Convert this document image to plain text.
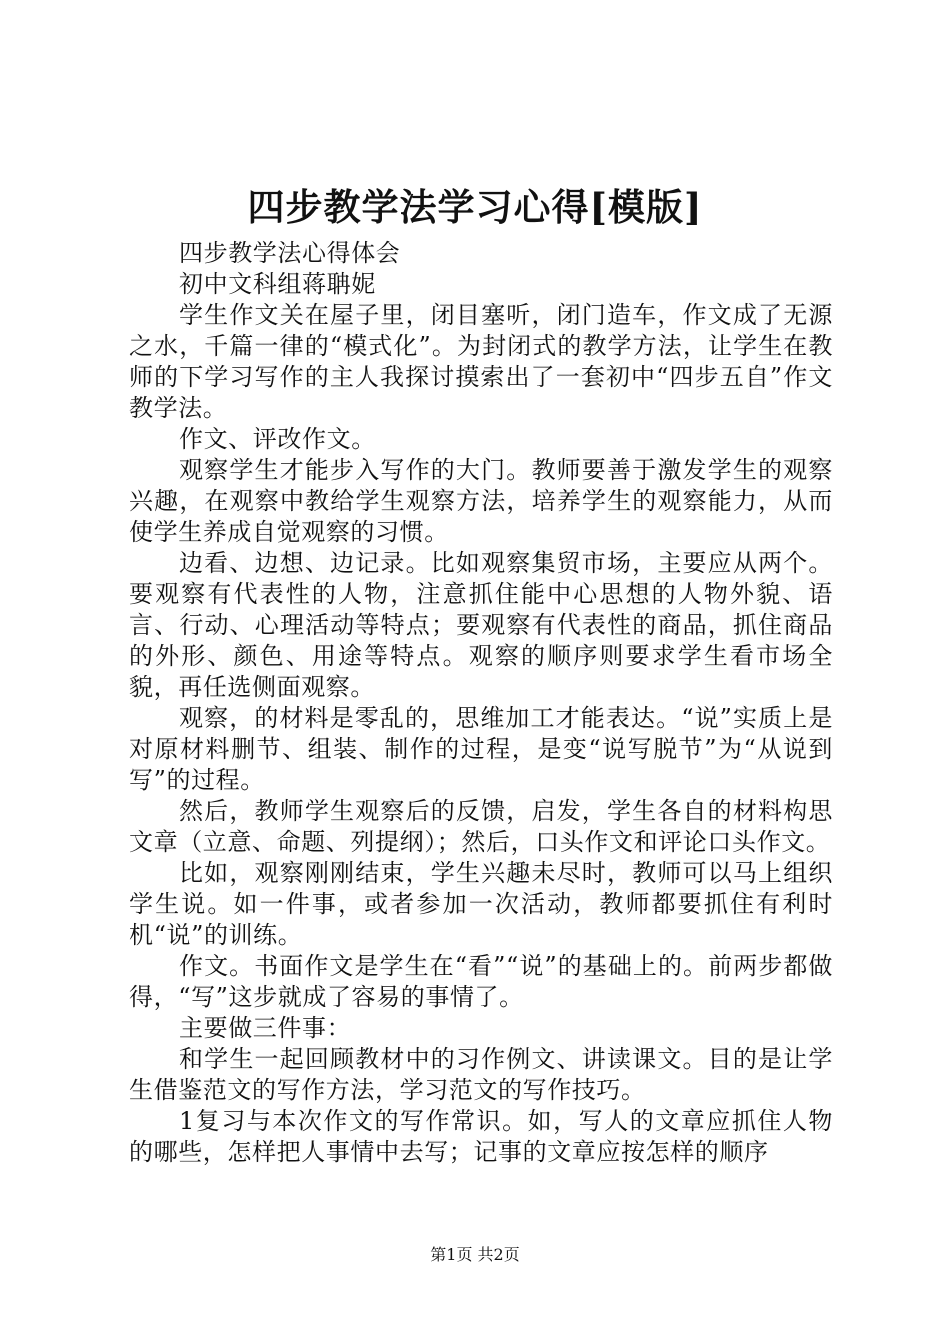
四步教学法学习心得[模版]

四步教学法心得体会

初中文科组蒋聃妮

学生作文关在屋子里，闭目塞听，闭门造车，作文成了无源之水，千篇一律的“模式化”。为封闭式的教学方法，让学生在教师的下学习写作的主人我探讨摸索出了一套初中“四步五自”作文教学法。

作文、评改作文。

观察学生才能步入写作的大门。教师要善于激发学生的观察兴趣，在观察中教给学生观察方法，培养学生的观察能力，从而使学生养成自觉观察的习惯。

边看、边想、边记录。比如观察集贸市场，主要应从两个。要观察有代表性的人物，注意抓住能中心思想的人物外貌、语言、行动、心理活动等特点；要观察有代表性的商品，抓住商品的外形、颜色、用途等特点。观察的顺序则要求学生看市场全貌，再任选侧面观察。

观察，的材料是零乱的，思维加工才能表达。“说”实质上是对原材料删节、组装、制作的过程，是变“说写脱节”为“从说到写”的过程。

然后，教师学生观察后的反馈，启发，学生各自的材料构思文章（立意、命题、列提纲）；然后，口头作文和评论口头作文。

比如，观察刚刚结束，学生兴趣未尽时，教师可以马上组织学生说。如一件事，或者参加一次活动，教师都要抓住有利时机“说”的训练。

作文。书面作文是学生在“看”“说”的基础上的。前两步都做得，“写”这步就成了容易的事情了。

主要做三件事：

和学生一起回顾教材中的习作例文、讲读课文。目的是让学生借鉴范文的写作方法，学习范文的写作技巧。

1复习与本次作文的写作常识。如，写人的文章应抓住人物的哪些，怎样把人事情中去写；记事的文章应按怎样的顺序

第1页 共2页
